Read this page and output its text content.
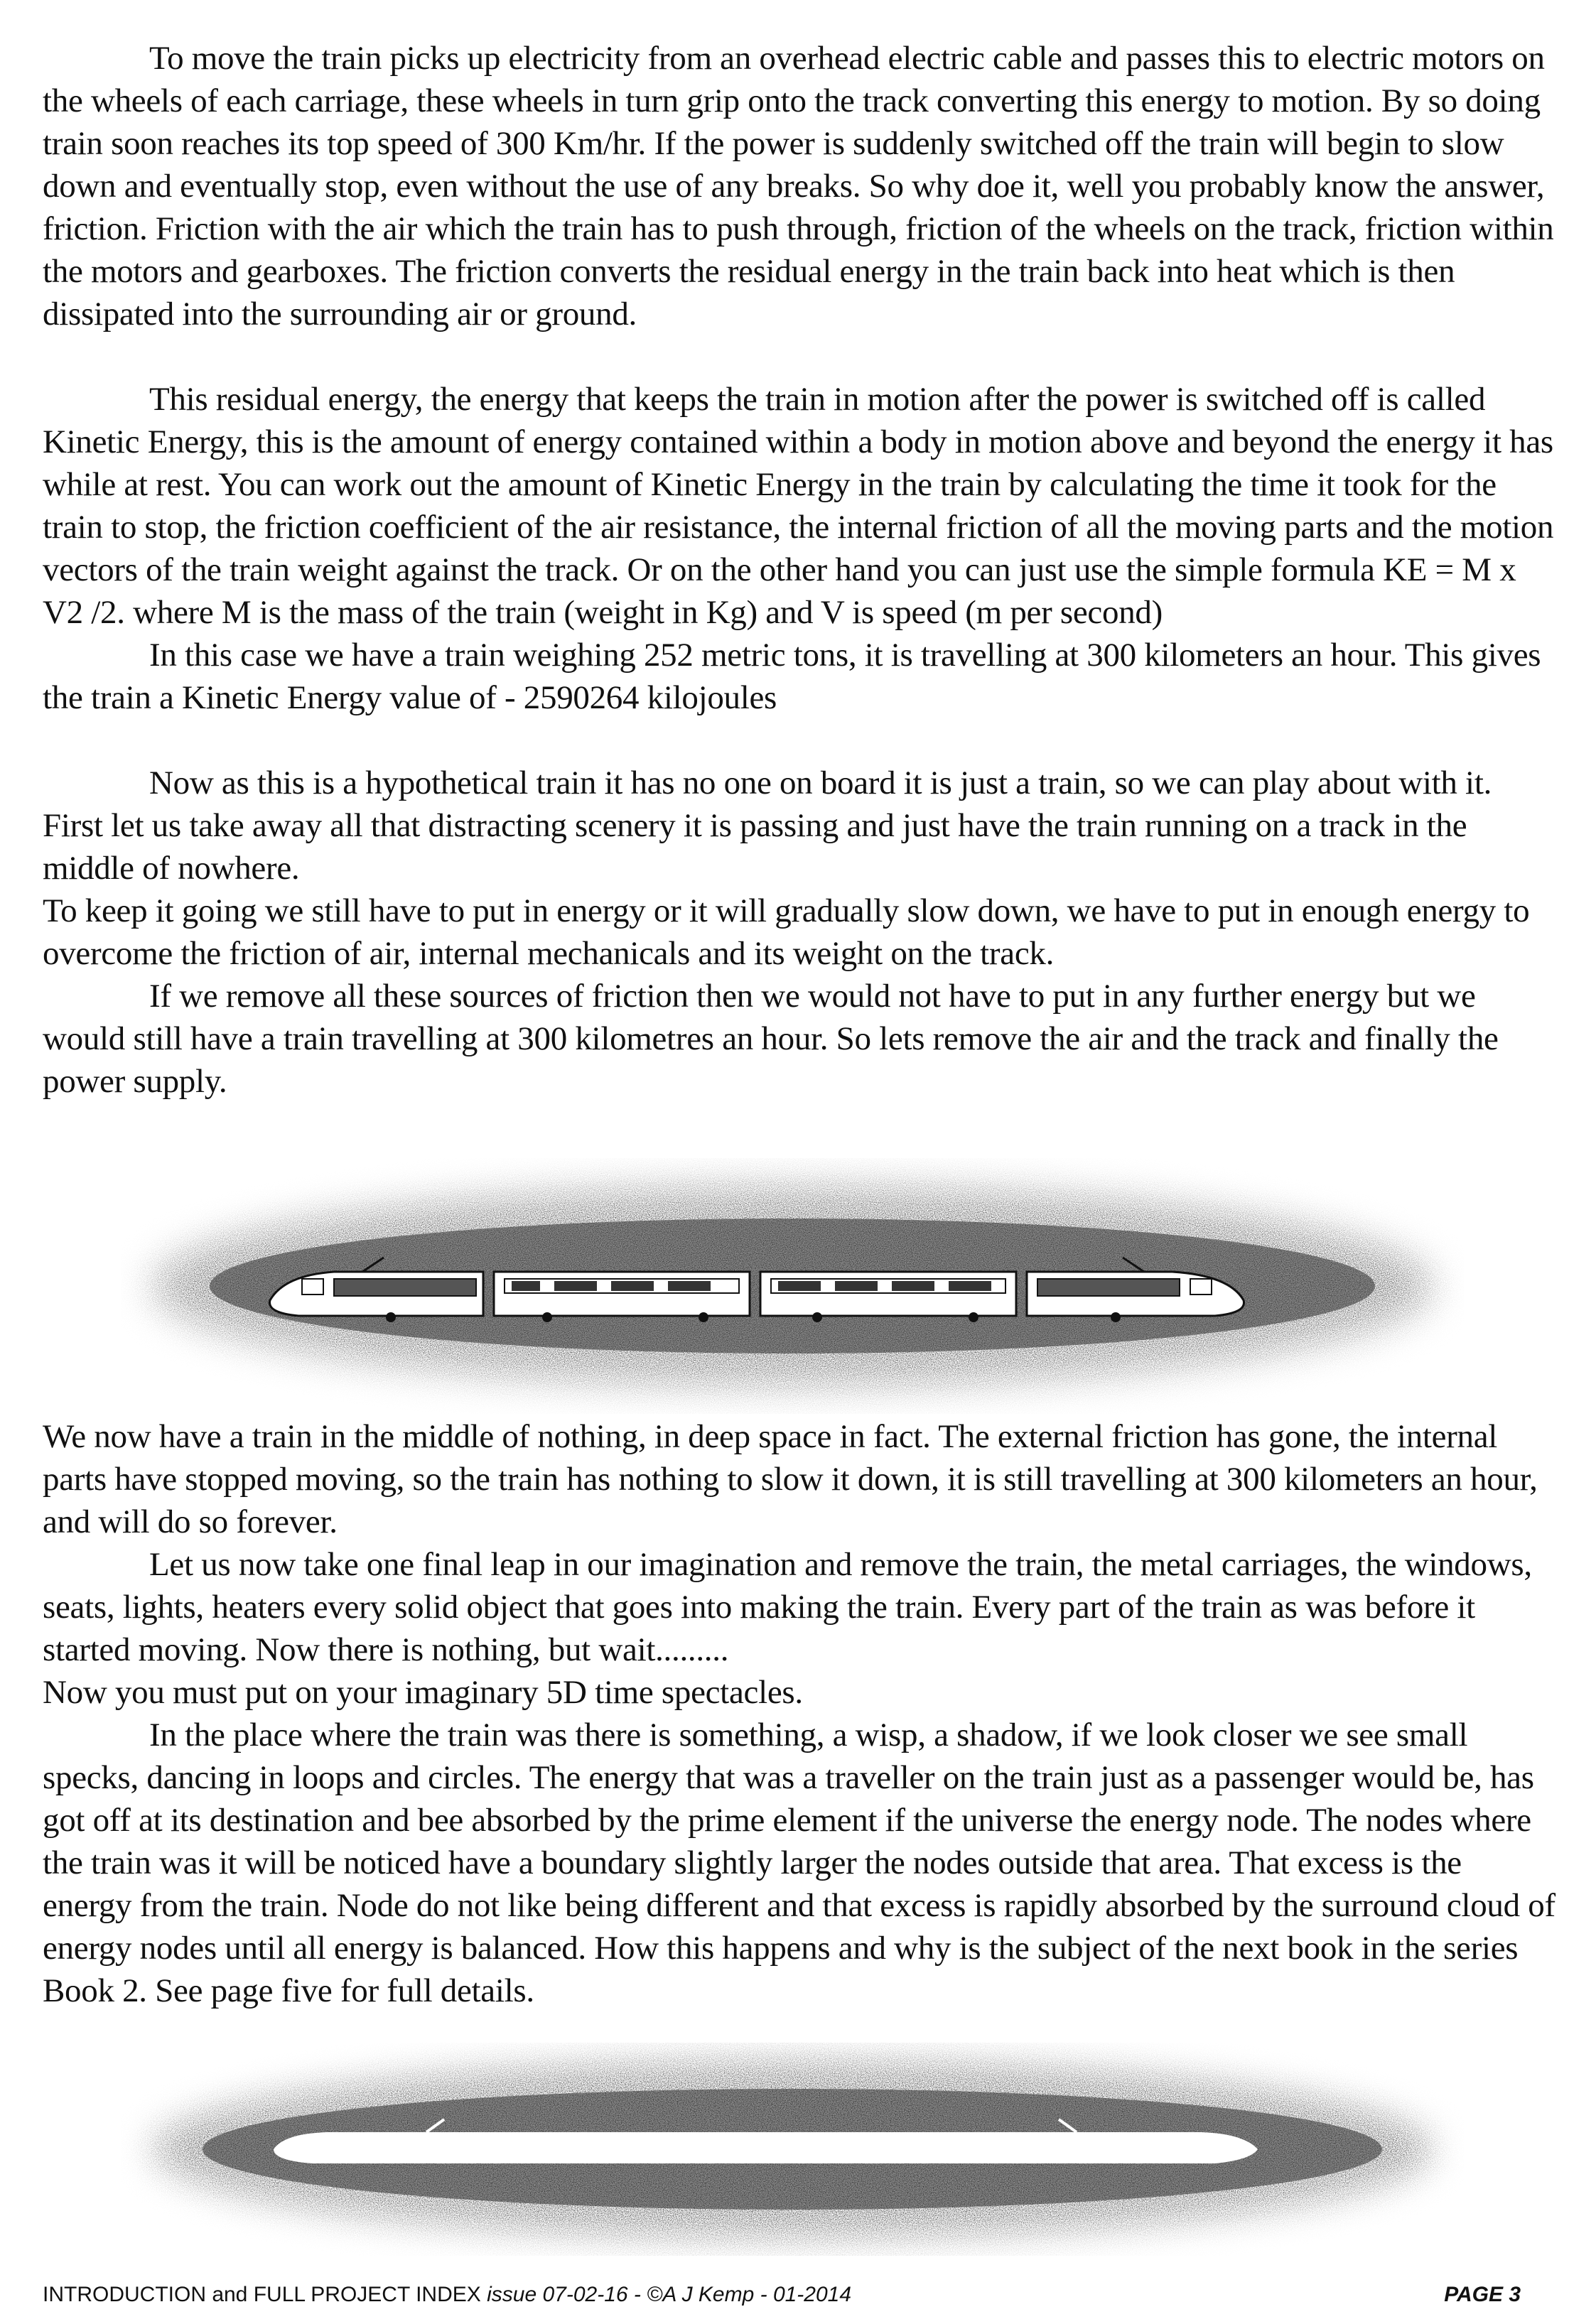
To move the train picks up electricity from an overhead electric cable and passes this to electric motors on the wheels of each carriage, these wheels in turn grip onto the track converting this energy to motion. By so doing train soon reaches its top speed of 300 Km/hr. If the power is suddenly switched off the train will begin to slow down and eventually stop, even without the use of any breaks. So why doe it, well you probably know the answer, friction. Friction with the air which the train has to push through, friction of the wheels on the track, friction within the motors and gearboxes. The friction converts the residual energy in the train back into heat which is then dissipated into the surrounding air or ground.

This residual energy, the energy that keeps the train in motion after the power is switched off is called Kinetic Energy, this is the amount of energy contained within a body in motion above and beyond the energy it has while at rest. You can work out the amount of Kinetic Energy in the train by calculating the time it took for the train to stop, the friction coefficient of the air resistance, the internal friction of all the moving parts and the motion vectors of the train weight against the track. Or on the other hand you can just use the simple formula KE = M x V2 /2. where M is the mass of the train (weight in Kg) and V is speed (m per second)

In this case we have a train weighing 252 metric tons, it is travelling at 300 kilometers an hour. This gives the train a Kinetic Energy value of - 2590264 kilojoules

Now as this is a hypothetical train it has no one on board it is just a train, so we can play about with it. First let us take away all that distracting scenery it is passing and just have the train running on a track in the middle of nowhere.

To keep it going we still have to put in energy or it will gradually slow down, we have to put in enough energy to overcome the friction of air, internal mechanicals and its weight on the track.

If we remove all these sources of friction then we would not have to put in any further energy but we would still have a train travelling at 300 kilometres an hour. So lets remove the air and the track and finally the power supply.

We now have a train in the middle of nothing, in deep space in fact. The external friction has gone, the internal parts have stopped moving, so the train has nothing to slow it down, it is still travelling at 300 kilometers an hour, and will do so forever.

Let us now take one final leap in our imagination and remove the train, the metal carriages, the windows, seats, lights, heaters every solid object that goes into making the train. Every part of the train as was before it started moving. Now there is nothing, but wait.........

Now you must put on your imaginary 5D time spectacles.

In the place where the train was there is something, a wisp, a shadow, if we look closer we see small specks, dancing in loops and circles. The energy that was a traveller on the train just as a passenger would be, has got off at its destination and bee absorbed by the prime element if the universe the energy node. The nodes where the train was it will be noticed have a boundary slightly larger the nodes outside that area. That excess is the energy from the train. Node do not like being different and that excess is rapidly absorbed by the surround cloud of energy nodes until all energy is balanced. How this happens and why is the subject of the next book in the series Book 2. See page five for full details.

INTRODUCTION and FULL PROJECT INDEX issue 07-02-16 - ©A J Kemp - 01-2014	PAGE 3
